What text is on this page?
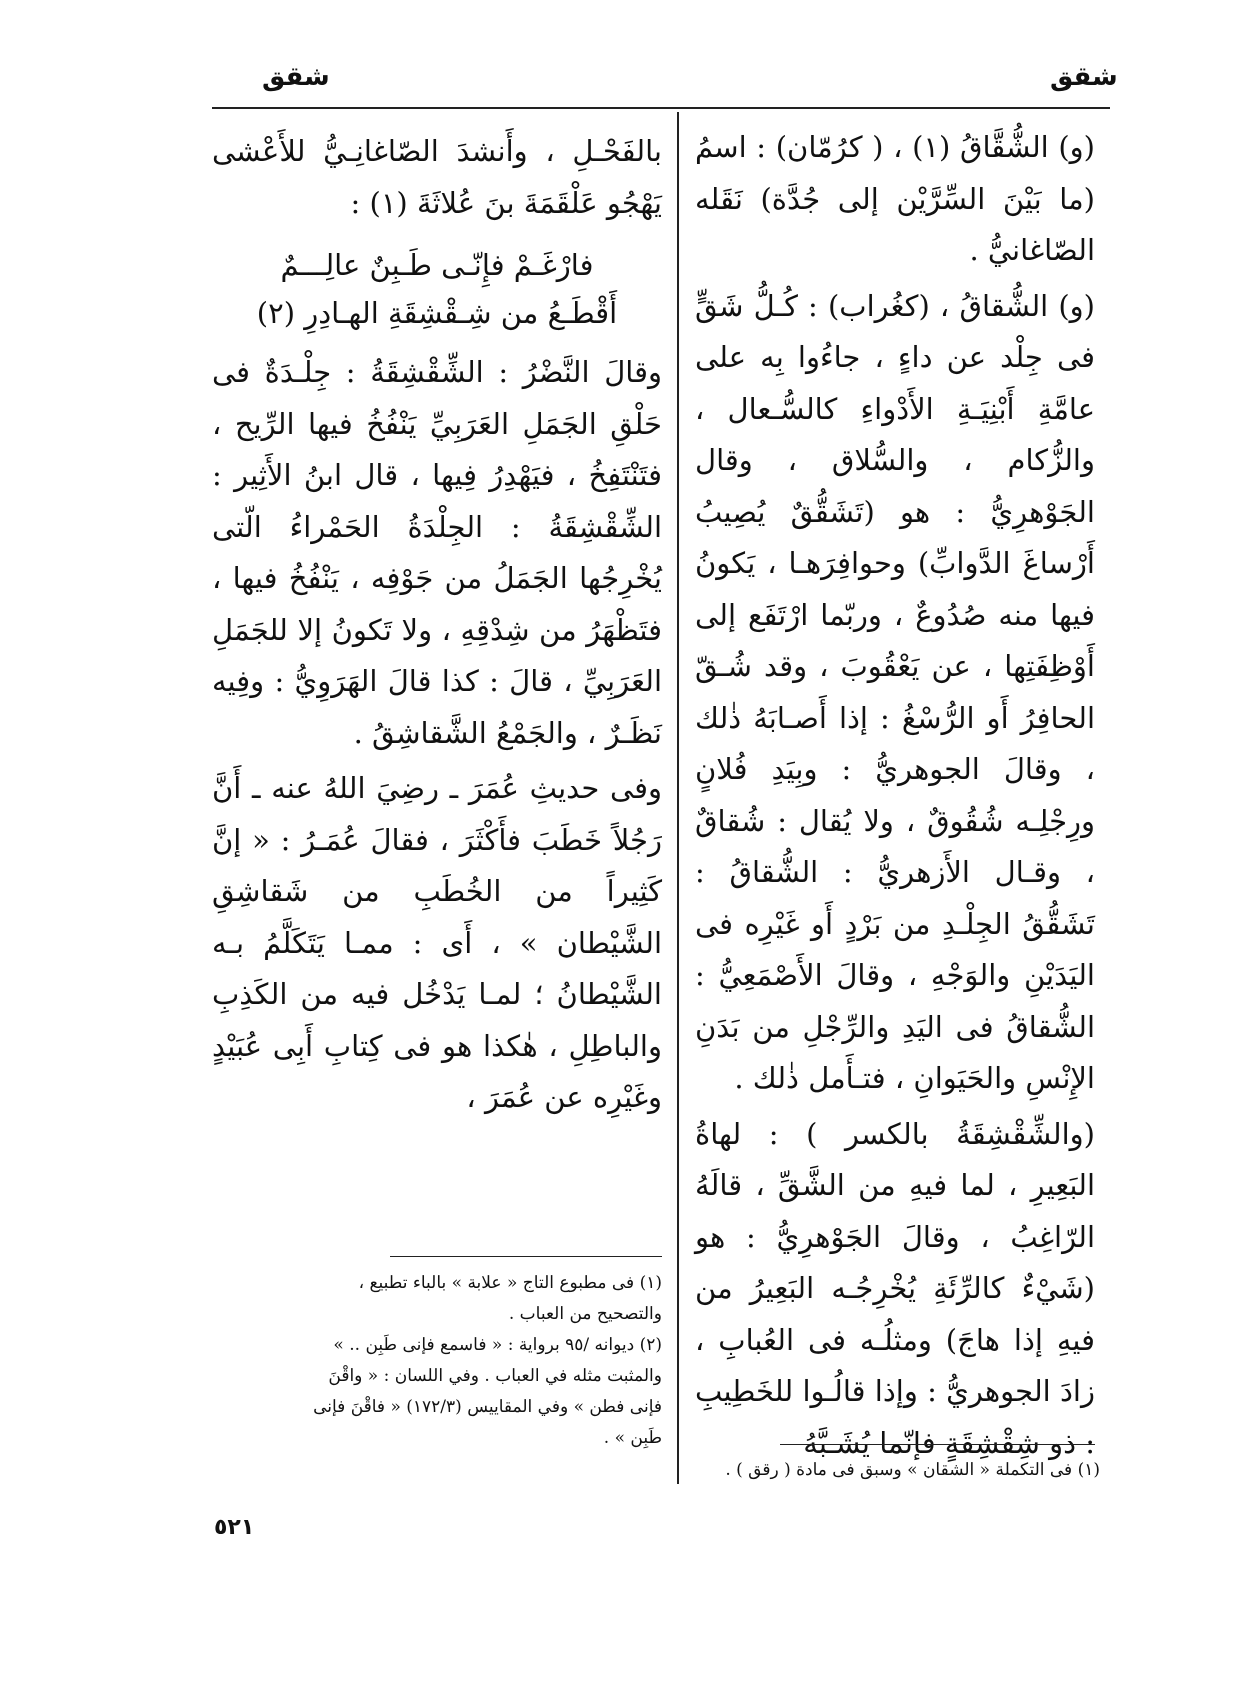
شقق
شقق

(و) الشُّقَّاقُ (١) ، ( كرُمّان) : اسمُ (ما بَيْنَ السِّرَّيْن إلى جُدَّة) نَقَله الصّاغانيُّ .

(و) الشُّقاقُ ، (كغُراب) : كُـلُّ شَقٍّ فى جِلْد عن داءٍ ، جاءُوا بِه على عامَّةِ أَبْنِيَـةِ الأَدْواءِ كالسُّـعال ، والزُّكام ، والسُّلاق ، وقال الجَوْهرِيُّ : هو (تَشَقُّقٌ يُصِيبُ أَرْساغَ الدَّوابِّ) وحوافِرَهـا ، يَكونُ فيها منه صُدُوعٌ ، وربّما ارْتَفَع إلى أَوْظِفَتِها ، عن يَعْقُوبَ ، وقد شُـقّ الحافِرُ أَو الرُّسْغُ : إذا أَصـابَهُ ذٰلك ، وقالَ الجوهريُّ : وبِيَدِ فُلانٍ ورِجْلِـه شُقُوقٌ ، ولا يُقال : شُقاقٌ ، وقـال الأَزهريُّ : الشُّقاقُ : تَشَقُّقُ الجِلْـدِ من بَرْدٍ أَو غَيْرِه فى اليَدَيْنِ والوَجْهِ ، وقالَ الأَصْمَعِيُّ : الشُّقاقُ فى اليَدِ والرِّجْلِ من بَدَنِ الإِنْسِ والحَيَوانِ ، فتـأَمل ذٰلك .

(والشِّقْشِقَةُ بالكسر ) : لهاةُ البَعِيرِ ، لما فيهِ من الشَّقِّ ، قالَهُ الرّاغِبُ ، وقالَ الجَوْهرِيُّ : هو (شَيْءٌ كالرِّئَةِ يُخْرِجُـه البَعِيرُ من فيهِ إذا هاجَ) ومثلُـه فى العُبابِ ، زادَ الجوهريُّ : وإذا قالُـوا للخَطِيبِ : ذو شِقْشِقَةٍ فإنّما يُشَـبَّهُ

بالفَحْـلِ ، وأَنشدَ الصّاغانِـيُّ للأَعْشى يَهْجُو عَلْقَمَةَ بنَ عُلاثَةَ (١) :

فارْغَـمْ فإِنّـى طَـبِنٌ عالِـــمٌ
أَقْطَـعُ من شِـقْشِقَةِ الهـادِرِ (٢)

وقالَ النَّضْرُ : الشِّقْشِقَةُ : جِلْـدَةٌ فى حَلْقِ الجَمَلِ العَرَبِيِّ يَنْفُخُ فيها الرِّيح ، فتَنْتَفِخُ ، فيَهْدِرُ فِيها ، قال ابنُ الأَثِير : الشِّقْشِقَةُ : الجِلْدَةُ الحَمْراءُ الّتى يُخْرِجُها الجَمَلُ من جَوْفِه ، يَنْفُخُ فيها ، فتَظْهَرُ من شِدْقِهِ ، ولا تَكونُ إلا للجَمَلِ العَرَبِيِّ ، قالَ : كذا قالَ الهَرَوِيُّ : وفِيه نَظَـرٌ ، والجَمْعُ الشَّقاشِقُ .

وفى حديثِ عُمَرَ ـ رضِيَ اللهُ عنه ـ أَنَّ رَجُلاً خَطَبَ فأَكْثَرَ ، فقالَ عُمَـرُ : « إنَّ كَثِيراً من الخُطَبِ من شَقاشِقِ الشَّيْطان » ، أَى : ممـا يَتَكَلَّمُ بـه الشَّيْطانُ ؛ لمـا يَدْخُل فيه من الكَذِبِ والباطِلِ ، هٰكذا هو فى كِتابِ أَبِى عُبَيْدٍ وغَيْرِه عن عُمَرَ ،

(١) فى التكملة « الشقان » وسبق فى مادة ( رقق ) .

(١) فى مطبوع التاج « علابة » بالباء تطبيع ، والتصحيح من العباب .

(٢) ديوانه /٩٥ برواية : « فاسمع فإنى طَبِن .. » والمثبت مثله في العباب . وفي اللسان : « واقْنَ فإنى فطن » وفي المقاييس (١٧٢/٣) « فاقْنَ فإنى طَبِن » .

٥٢١
